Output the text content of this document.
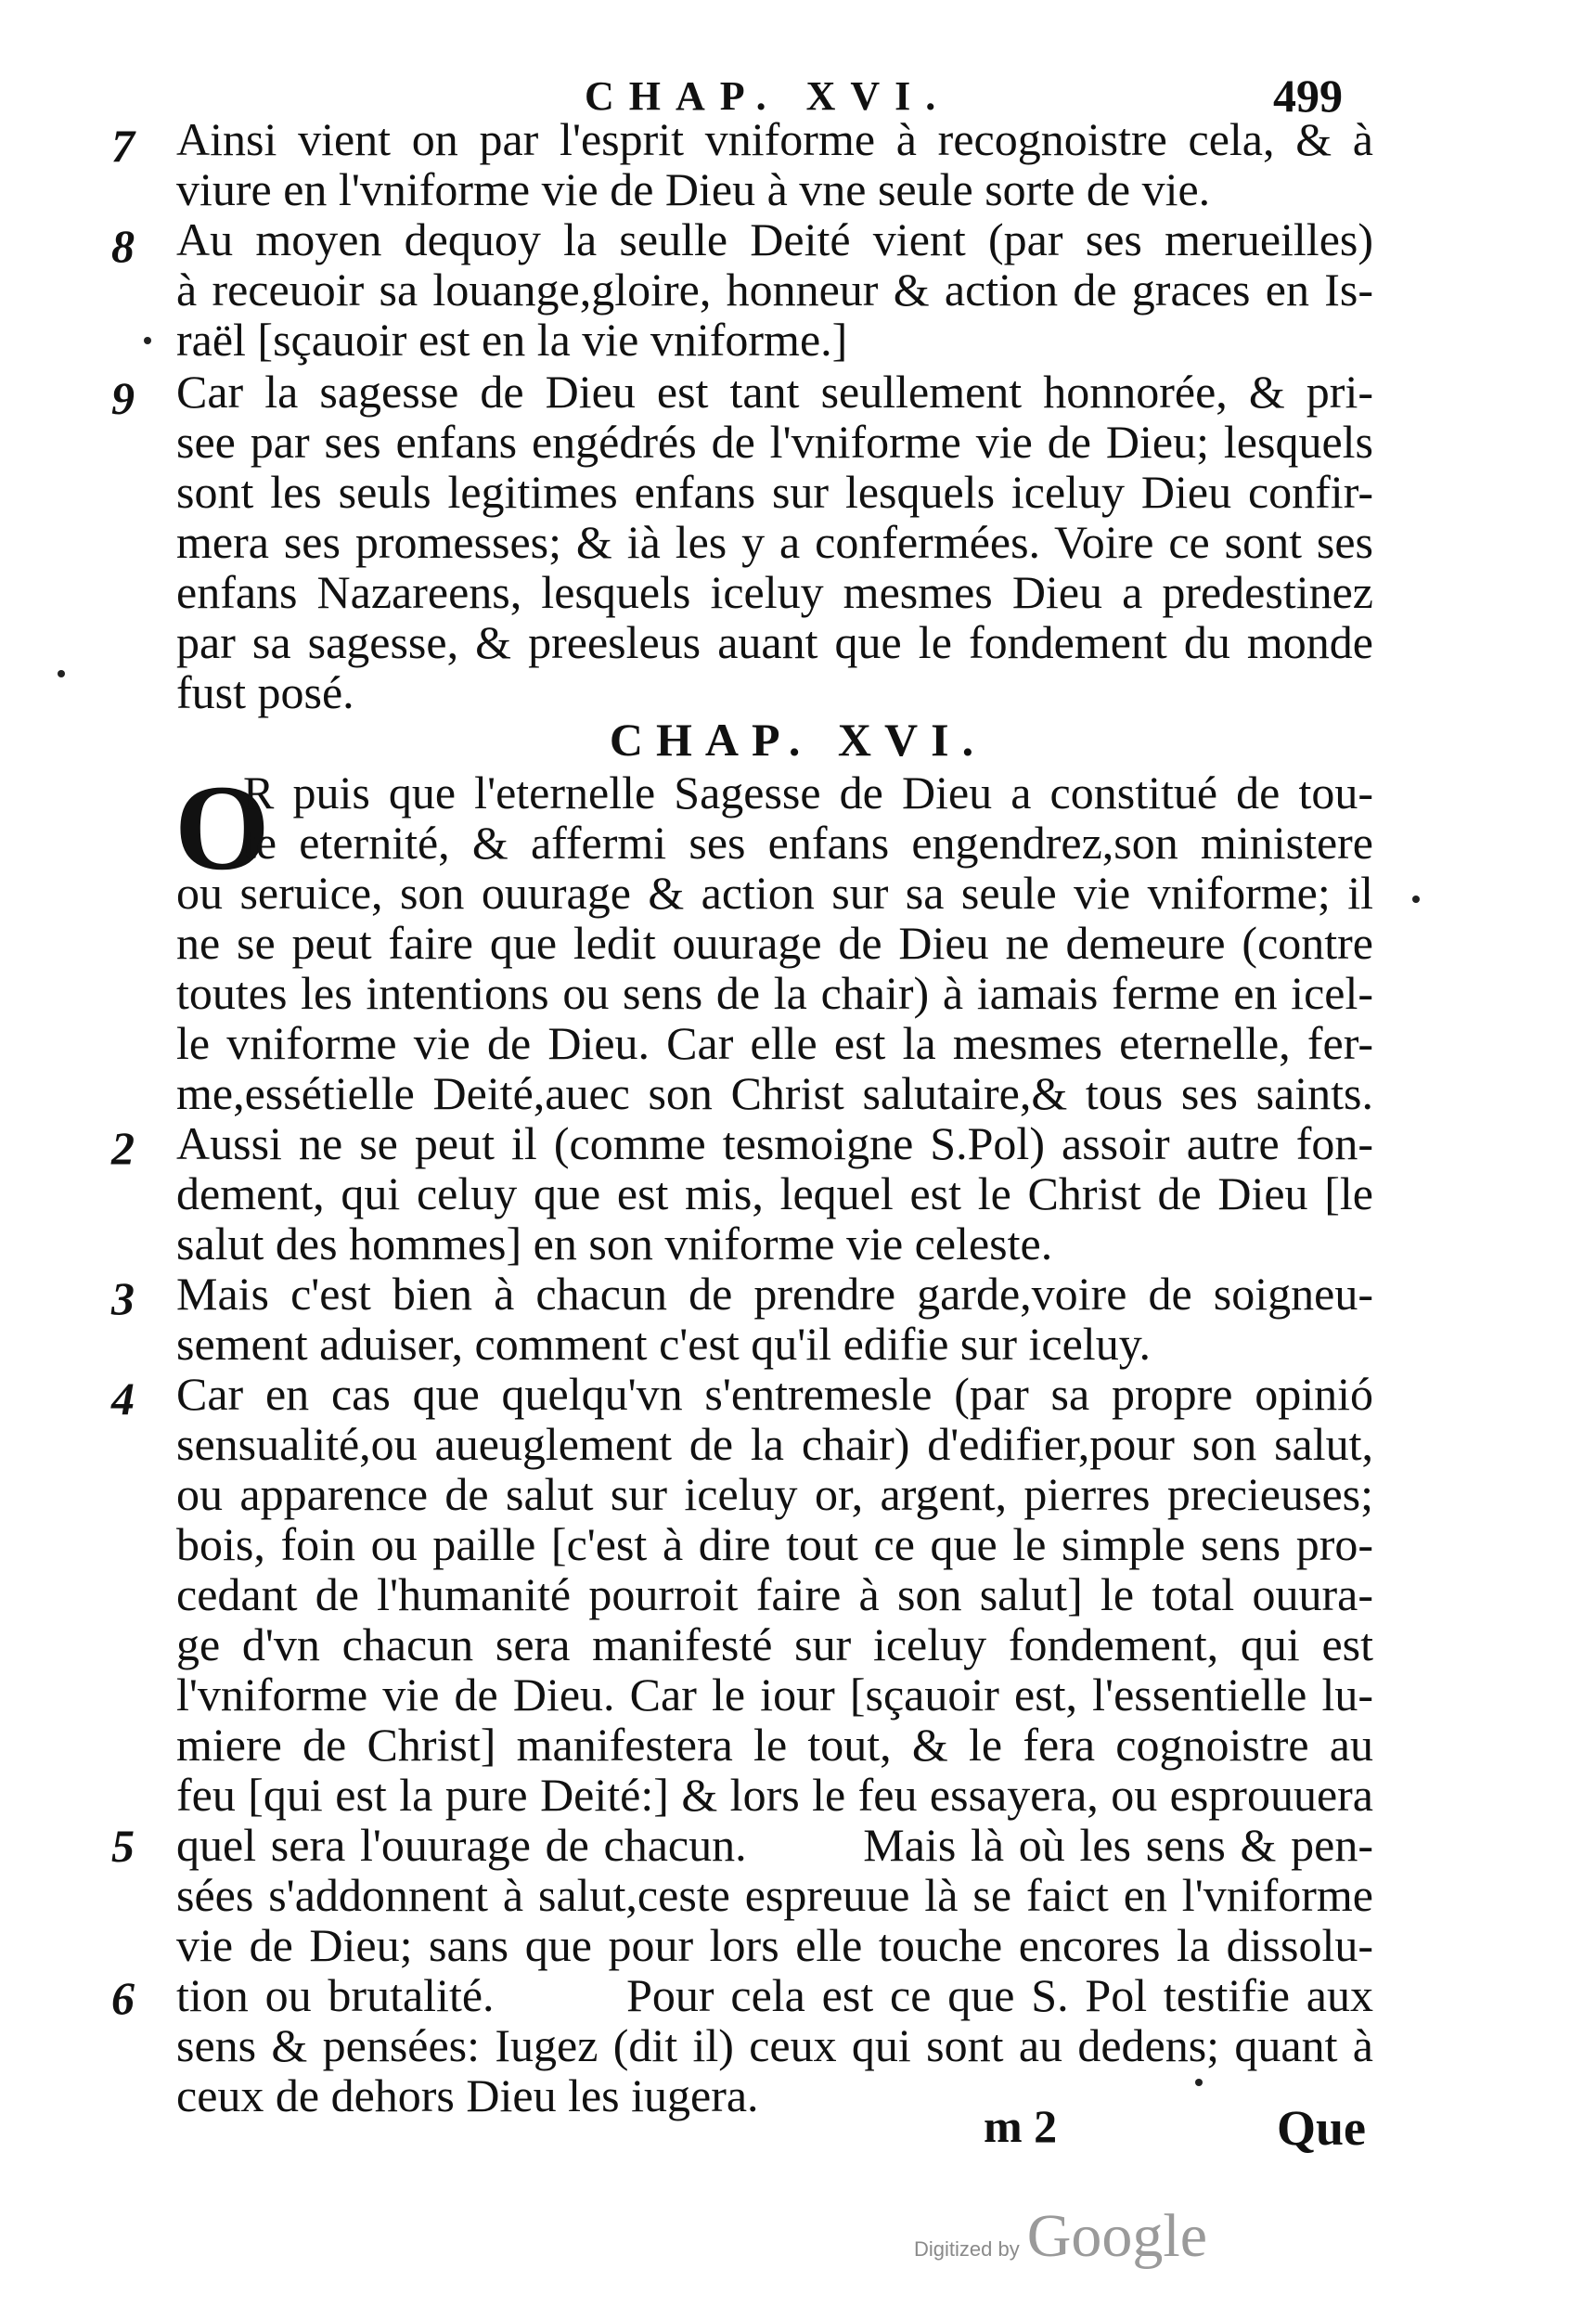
CHAP. XVI.	499
7
8
9
2
3
4
5
6
Ainsi vient on par l'esprit vniforme à recognoistre cela, & à
viure en l'vniforme vie de Dieu à vne seule sorte de vie.
Au moyen dequoy la seulle Deité vient (par ses merueilles)
à receuoir sa louange,gloire, honneur & action de graces en Is-
raël [sçauoir est en la vie vniforme.]
Car la sagesse de Dieu est tant seullement honnorée, & pri-
see par ses enfans engédrés de l'vniforme vie de Dieu; lesquels
sont les seuls legitimes enfans sur lesquels iceluy Dieu confir-
mera ses promesses; & ià les y a confermées. Voire ce sont ses
enfans Nazareens, lesquels iceluy mesmes Dieu a predestinez
par sa sagesse, & preesleus auant que le fondement du monde
fust posé.
CHAP. XVI.
O
R puis que l'eternelle Sagesse de Dieu a constitué de tou-
te eternité, & affermi ses enfans engendrez,son ministere
ou seruice, son ouurage & action sur sa seule vie vniforme; il
ne se peut faire que ledit ouurage de Dieu ne demeure (contre
toutes les intentions ou sens de la chair) à iamais ferme en icel-
le vniforme vie de Dieu. Car elle est la mesmes eternelle, fer-
me,essétielle Deité,auec son Christ salutaire,& tous ses saints.
Aussi ne se peut il (comme tesmoigne S.Pol) assoir autre fon-
dement, qui celuy que est mis, lequel est le Christ de Dieu [le
salut des hommes] en son vniforme vie celeste.
Mais c'est bien à chacun de prendre garde,voire de soigneu-
sement aduiser, comment c'est qu'il edifie sur iceluy.
Car en cas que quelqu'vn s'entremesle (par sa propre opinió
sensualité,ou aueuglement de la chair) d'edifier,pour son salut,
ou apparence de salut sur iceluy or, argent, pierres precieuses;
bois, foin ou paille [c'est à dire tout ce que le simple sens pro-
cedant de l'humanité pourroit faire à son salut] le total ouura-
ge d'vn chacun sera manifesté sur iceluy fondement, qui est
l'vniforme vie de Dieu. Car le iour [sçauoir est, l'essentielle lu-
miere de Christ] manifestera le tout, & le fera cognoistre au
feu [qui est la pure Deité:] & lors le feu essayera, ou esprouuera
quel sera l'ouurage de chacun.        Mais là où les sens & pen-
sées s'addonnent à salut,ceste espreuue là se faict en l'vniforme
vie de Dieu; sans que pour lors elle touche encores la dissolu-
tion ou brutalité.        Pour cela est ce que S. Pol testifie aux
sens & pensées: Iugez (dit il) ceux qui sont au dedens; quant à
ceux de dehors Dieu les iugera.
m 2	Que
Digitized by Google
